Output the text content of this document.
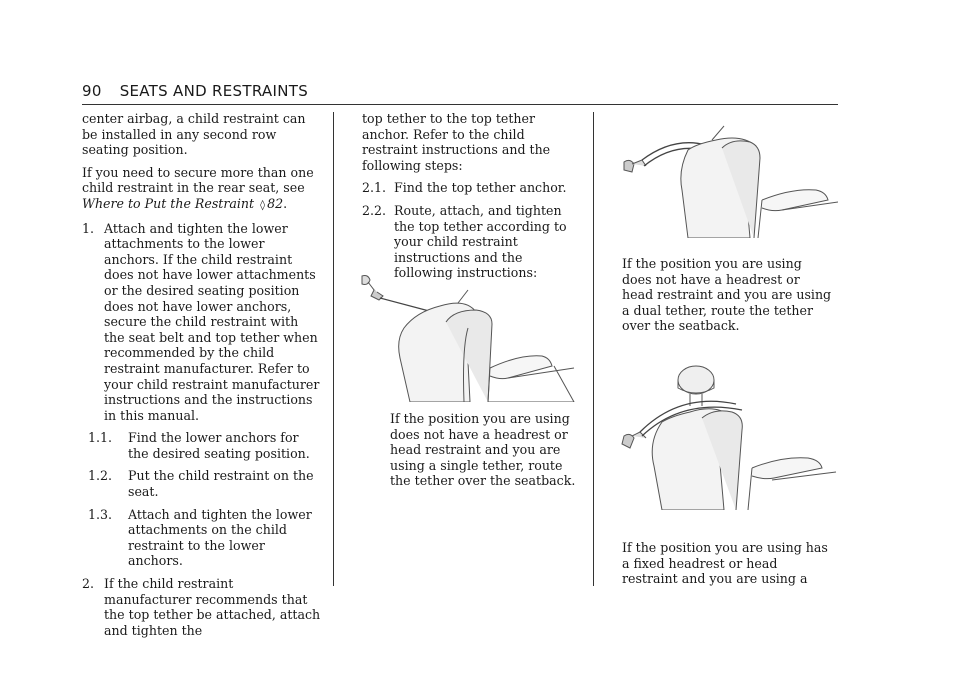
90 SEATS AND RESTRAINTS

center airbag, a child restraint can be installed in any second row seating position.

If you need to secure more than one child restraint in the rear seat, see Where to Put the Restraint ◊ 82.

1. Attach and tighten the lower attachments to the lower anchors. If the child restraint does not have lower attachments or the desired seating position does not have lower anchors, secure the child restraint with the seat belt and top tether when recommended by the child restraint manufacturer. Refer to your child restraint manufacturer instructions and the instructions in this manual.
1.1. Find the lower anchors for the desired seating position.
1.2. Put the child restraint on the seat.
1.3. Attach and tighten the lower attachments on the child restraint to the lower anchors.
2. If the child restraint manufacturer recommends that the top tether be attached, attach and tighten the

top tether to the top tether anchor. Refer to the child restraint instructions and the following steps:

2.1. Find the top tether anchor.
2.2. Route, attach, and tighten the top tether according to your child restraint instructions and the following instructions:
If the position you are using does not have a headrest or head restraint and you are using a single tether, route the tether over the seatback.
If the position you are using does not have a headrest or head restraint and you are using a dual tether, route the tether over the seatback.
If the position you are using has a fixed headrest or head restraint and you are using a
